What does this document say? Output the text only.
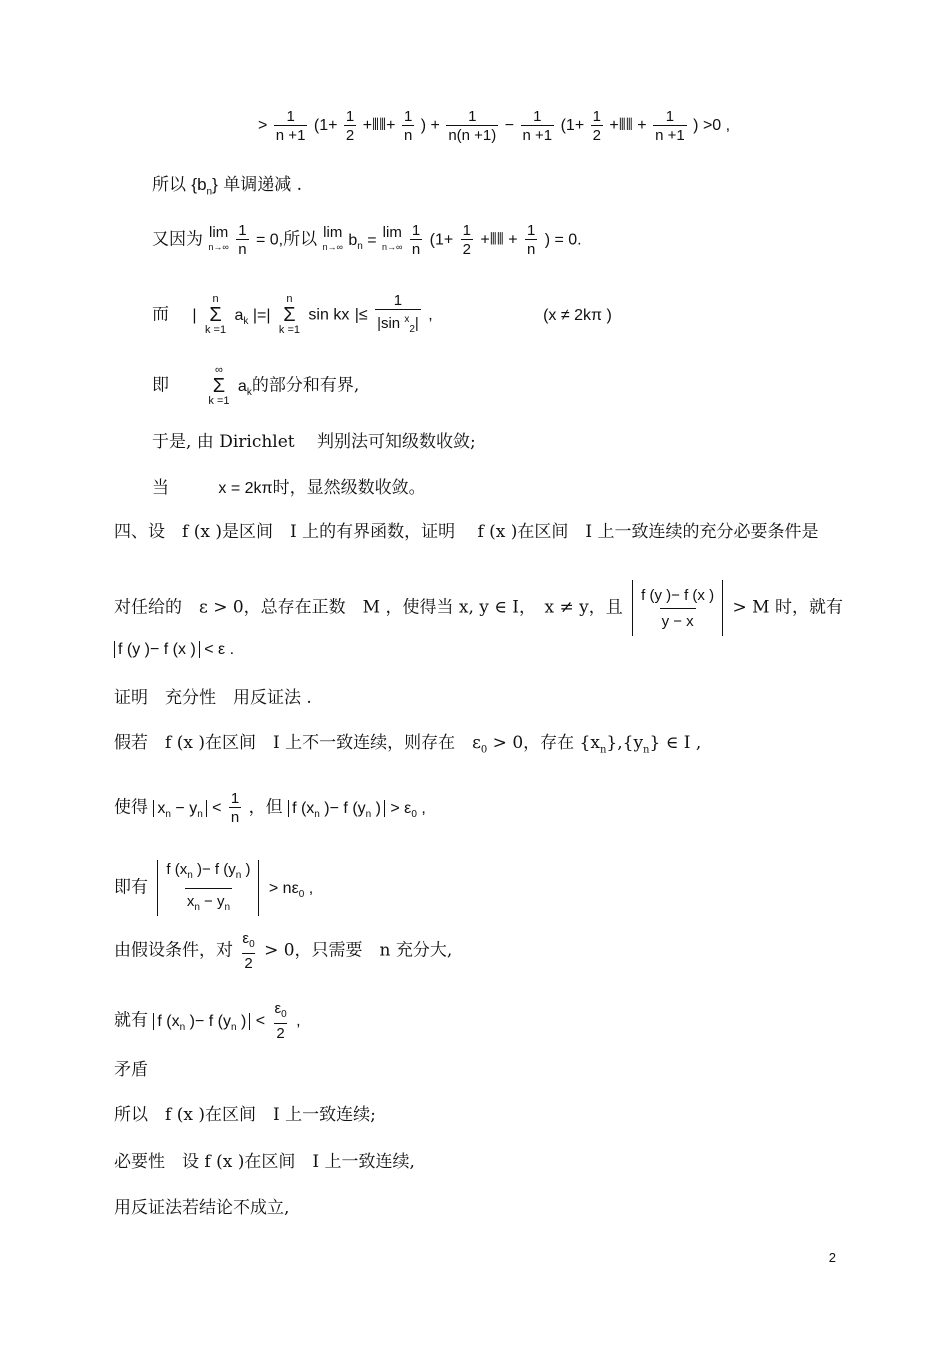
> $\frac{1}{n +1} (1+ \frac{1}{2}$ +⦀⦀+ $\frac{1}{n}$ ) + $\frac{1}{n(n +1)} - \frac{1}{n +1} (1+ \frac{1}{2}$ +⦀⦀ + $\frac{1}{n +1}$ ) >0 ,
所以 $\{b_n\}$ 单调递减 .
又因为 lim
n→∞
$\frac{1}{n} = 0$,所以 lim
n→∞ $b_n = \lim$
n→∞
$\frac{1}{n} (1+ \frac{1}{2}$ +⦀⦀ + $\frac{1}{n}$ ) = 0.
而 |
n
Σ
k =1
$a_k$ |=|
n
Σ
k =1
sin kx |≤ $\frac{1}{|\sin ^x_2|}$ ,	(x ≠ 2kπ )
即
∞
Σ
k =1
$a_k$的部分和有界,
于是, 由 Dirichlet　 判别法可知级数收敛;
当	x = 2kπ时，显然级数收敛。
四、设　f (x )是区间　I 上的有界函数，证明　 f (x )在区间　I 上一致连续的充分必要条件是
对任给的　ε > 0，总存在正数　M ，使得当 x, y ∈ I，　x ≠ y，且 $\frac{f (y )- f (x )}{y - x} > M$ 时，就有
f (y )− f (x ) < ε .
证明　充分性　用反证法 .
假若　f (x )在区间　I 上不一致连续，则存在　$\varepsilon_0 > 0$，存在 $\{x_n\},\{y_n\}$ ∈ I ,
使得 $x_n - y_n < \frac{1}{n}$ ，但 f ($x_n$ )− f ($y_n$ ) > $\varepsilon_0$ ,
即有 $\frac{f (x_n )- f (y_n )}{x_n - y_n} > n\varepsilon_0$ ,
由假设条件，对 $\frac{\varepsilon_0}{2} > 0$，只需要　n 充分大,
就有 f ($x_n$ )− f ($y_n$ ) < $\frac{\varepsilon_0}{2}$ ,
矛盾
所以　f (x )在区间　I 上一致连续;
必要性　设 f (x )在区间　I 上一致连续,
用反证法若结论不成立,
2
